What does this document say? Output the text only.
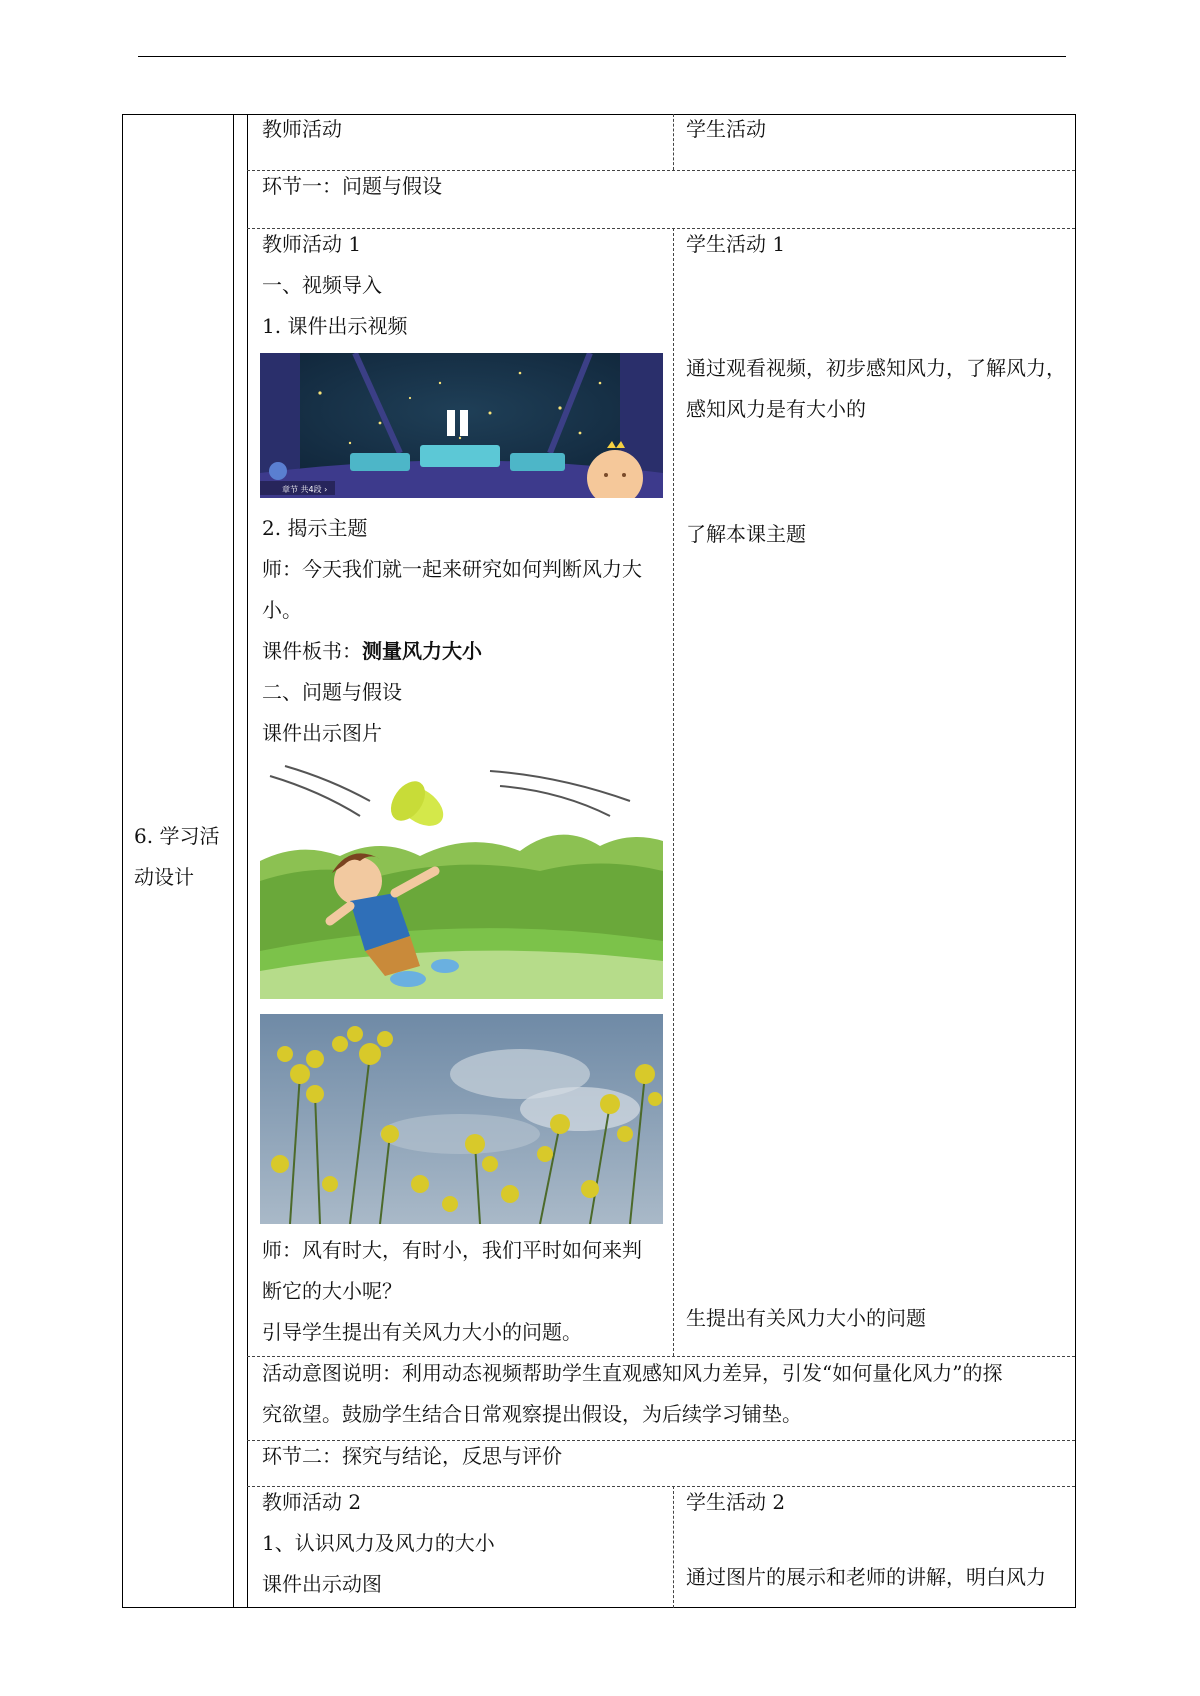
6. 学习活
动设计
教师活动	学生活动
环节一：问题与假设
教师活动 1
一、视频导入
1. 课件出示视频
章节 共4段 ›
2. 揭示主题
师：今天我们就一起来研究如何判断风力大
小。
课件板书：测量风力大小
二、问题与假设
课件出示图片
师：风有时大，有时小，我们平时如何来判
断它的大小呢？
引导学生提出有关风力大小的问题。
学生活动 1
通过观看视频，初步感知风力，了解风力，
感知风力是有大小的
了解本课主题
生提出有关风力大小的问题
活动意图说明：利用动态视频帮助学生直观感知风力差异，引发“如何量化风力”的探
究欲望。鼓励学生结合日常观察提出假设，为后续学习铺垫。
环节二：探究与结论，反思与评价
教师活动 2
1、认识风力及风力的大小
课件出示动图
学生活动 2
通过图片的展示和老师的讲解，明白风力
